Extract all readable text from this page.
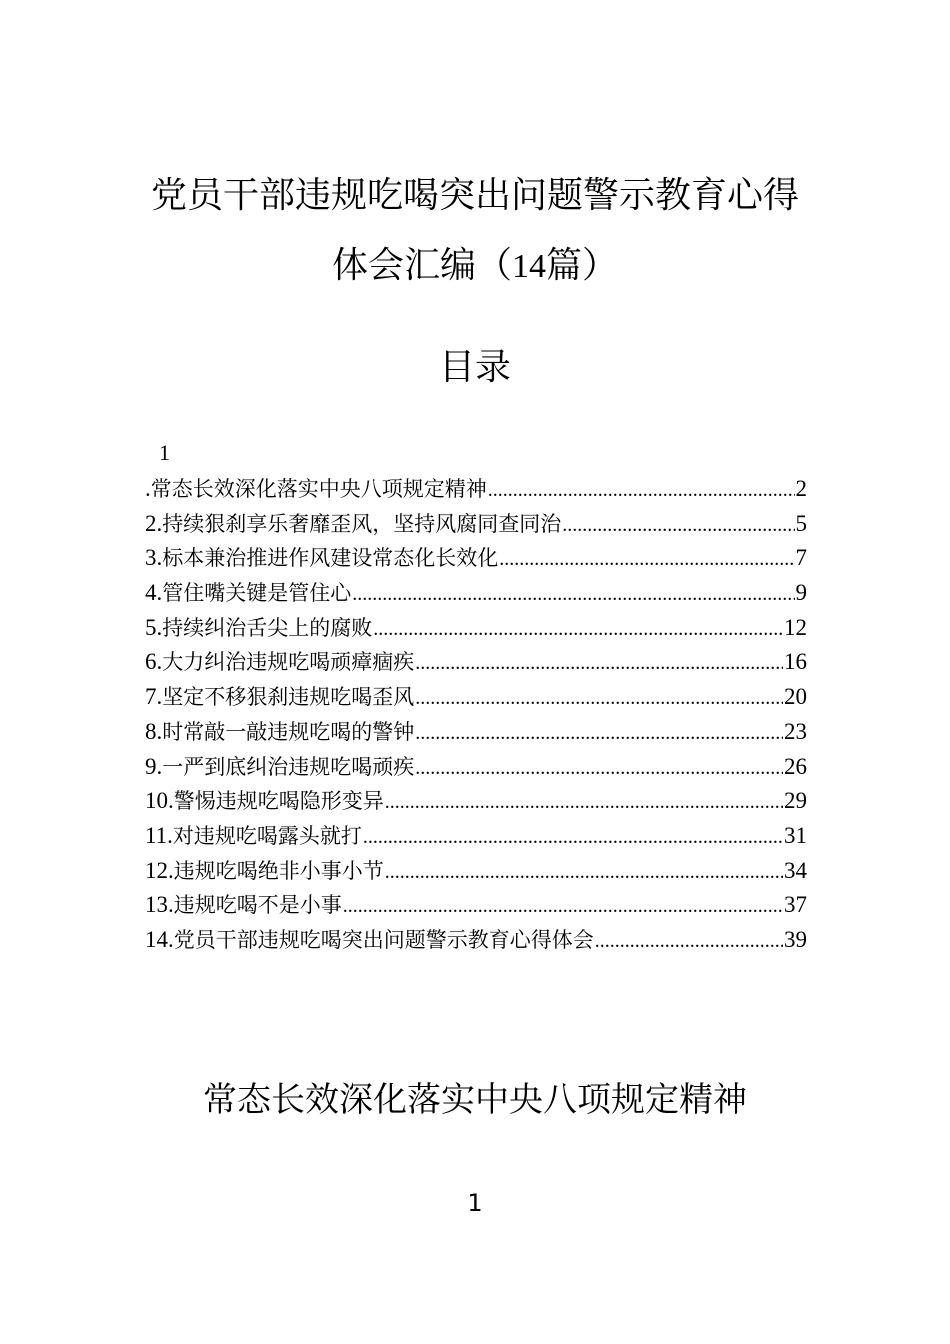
党员干部违规吃喝突出问题警示教育心得
体会汇编（14篇）
目录
1
. 常态长效深化落实中央八项规定精神 .....	2
2. 持续狠刹享乐奢靡歪风，坚持风腐同查同治 .....	5
3. 标本兼治推进作风建设常态化长效化 .....	7
4. 管住嘴关键是管住心 .....	9
5. 持续纠治舌尖上的腐败 .....	12
6. 大力纠治违规吃喝顽瘴痼疾 .....	16
7. 坚定不移狠刹违规吃喝歪风 .....	20
8. 时常敲一敲违规吃喝的警钟 .....	23
9. 一严到底纠治违规吃喝顽疾 .....	26
10. 警惕违规吃喝隐形变异 .....	29
11. 对违规吃喝露头就打 .....	31
12. 违规吃喝绝非小事小节 .....	34
13. 违规吃喝不是小事 .....	37
14. 党员干部违规吃喝突出问题警示教育心得体会 .....	39
常态长效深化落实中央八项规定精神
1
